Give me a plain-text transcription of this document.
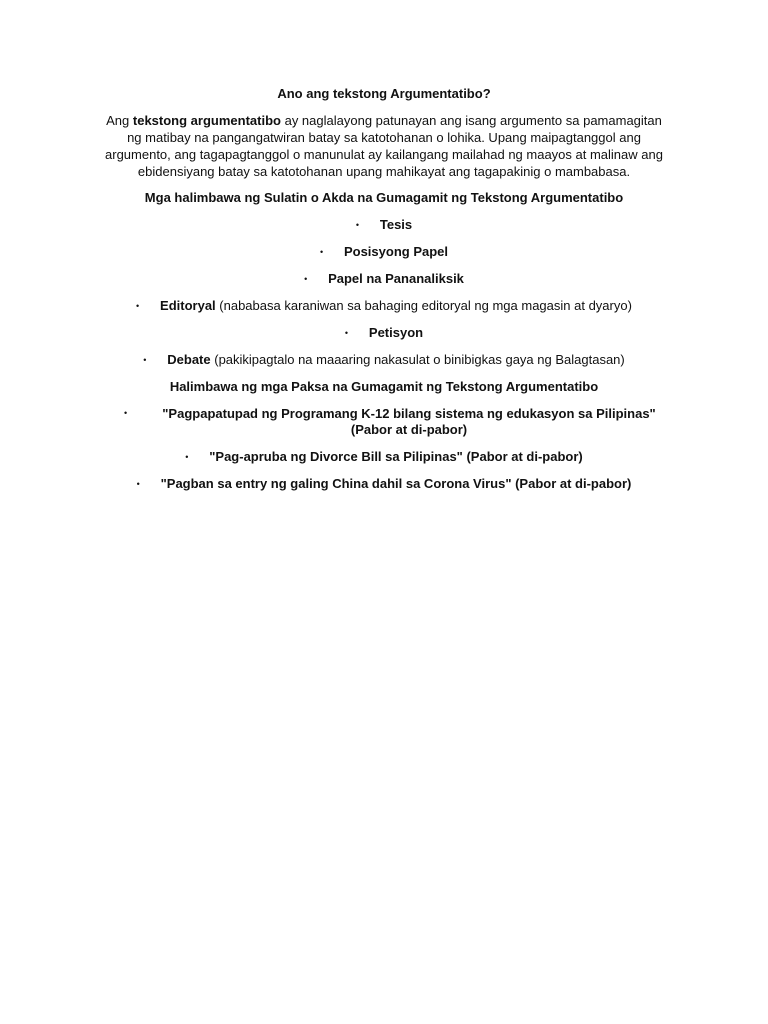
Ano ang tekstong Argumentatibo?

Ang tekstong argumentatibo ay naglalayong patunayan ang isang argumento sa pamamagitan ng matibay na pangangatwiran batay sa katotohanan o lohika. Upang maipagtanggol ang argumento, ang tagapagtanggol o manunulat ay kailangang mailahad ng maayos at malinaw ang ebidensiyang batay sa katotohanan upang mahikayat ang tagapakinig o mambabasa.

Mga halimbawa ng Sulatin o Akda na Gumagamit ng Tekstong Argumentatibo

• Tesis
• Posisyong Papel
• Papel na Pananaliksik
• Editoryal (nababasa karaniwan sa bahaging editoryal ng mga magasin at dyaryo)
• Petisyon
• Debate (pakikipagtalo na maaaring nakasulat o binibigkas gaya ng Balagtasan)

Halimbawa ng mga Paksa na Gumagamit ng Tekstong Argumentatibo

•	"Pagpapatupad ng Programang K-12 bilang sistema ng edukasyon sa Pilipinas" (Pabor at di-pabor)
• "Pag-apruba ng Divorce Bill sa Pilipinas" (Pabor at di-pabor)
• "Pagban sa entry ng galing China dahil sa Corona Virus" (Pabor at di-pabor)
